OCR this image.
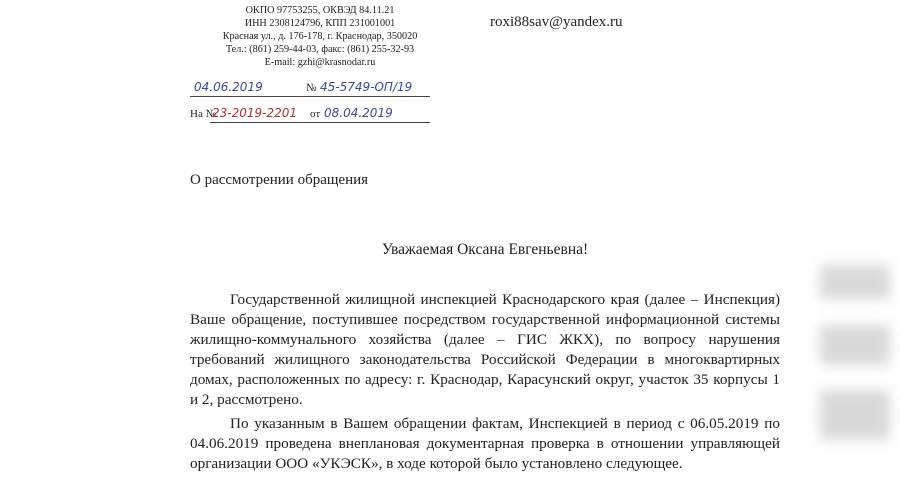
ОКПО 97753255, ОКВЭД 84.11.21
ИНН 2308124796, КПП 231001001
Красная ул., д. 176-178, г. Краснодар, 350020
Тел.: (861) 259-44-03, факс: (861) 255-32-93
E-mail: gzhi@krasnodar.ru
roxi88sav@yandex.ru
04.06.2019	№ 45-5749-ОП/19
На №
23-2019-2201 от 08.04.2019
О рассмотрении обращения
Уважаемая Оксана Евгеньевна!

Государственной жилищной инспекцией Краснодарского края (далее – Инспекция) Ваше обращение, поступившее посредством государственной информационной системы жилищно-коммунального хозяйства (далее – ГИС ЖКХ), по вопросу нарушения требований жилищного законодательства Российской Федерации в многоквартирных домах, расположенных по адресу: г. Краснодар, Карасунский округ, участок 35 корпусы 1 и 2, рассмотрено.

По указанным в Вашем обращении фактам, Инспекцией в период с 06.05.2019 по 04.06.2019 проведена внеплановая документарная проверка в отношении управляющей организации ООО «УКЭСК», в ходе которой было установлено следующее.
